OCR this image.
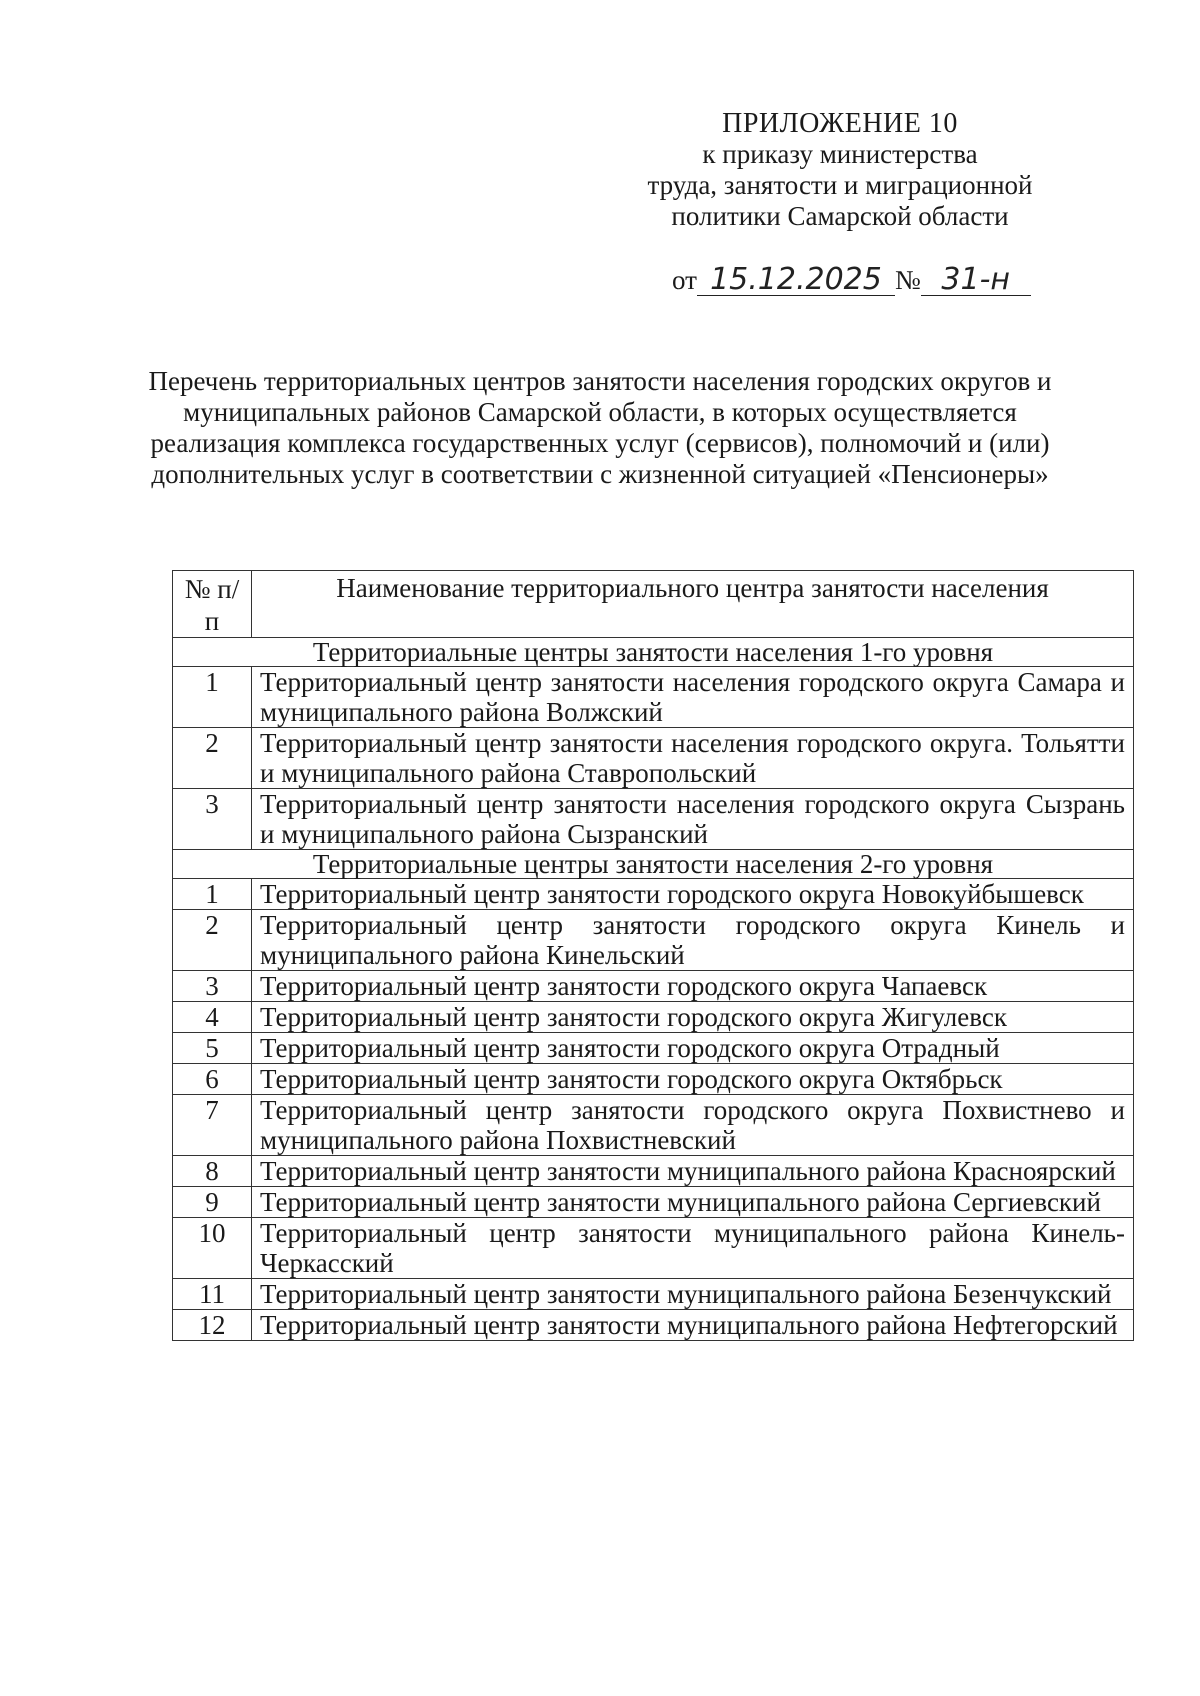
ПРИЛОЖЕНИЕ 10
к приказу министерства
труда, занятости и миграционной
политики Самарской области
от 15.12.2025 № 31-н
Перечень территориальных центров занятости населения городских округов и муниципальных районов Самарской области, в которых осуществляется реализация комплекса государственных услуг (сервисов), полномочий и (или) дополнительных услуг в соответствии с жизненной ситуацией «Пенсионеры»
№ п/п	Наименование территориального центра занятости населения
Территориальные центры занятости населения 1-го уровня	
1	Территориальный центр занятости населения городского округа Самара и муниципального района Волжский
2	Территориальный центр занятости населения городского округа. Тольятти и муниципального района Ставропольский
3	Территориальный центр занятости населения городского округа Сызрань и муниципального района Сызранский
Территориальные центры занятости населения 2-го уровня	
1	Территориальный центр занятости городского округа Новокуйбышевск
2	Территориальный центр занятости городского округа Кинель и муниципального района Кинельский
3	Территориальный центр занятости городского округа Чапаевск
4	Территориальный центр занятости городского округа Жигулевск
5	Территориальный центр занятости городского округа Отрадный
6	Территориальный центр занятости городского округа Октябрьск
7	Территориальный центр занятости городского округа Похвистнево и муниципального района Похвистневский
8	Территориальный центр занятости муниципального района Красноярский
9	Территориальный центр занятости муниципального района Сергиевский
10	Территориальный центр занятости муниципального района Кинель-Черкасский
11	Территориальный центр занятости муниципального района Безенчукский
12	Территориальный центр занятости муниципального района Нефтегорский
